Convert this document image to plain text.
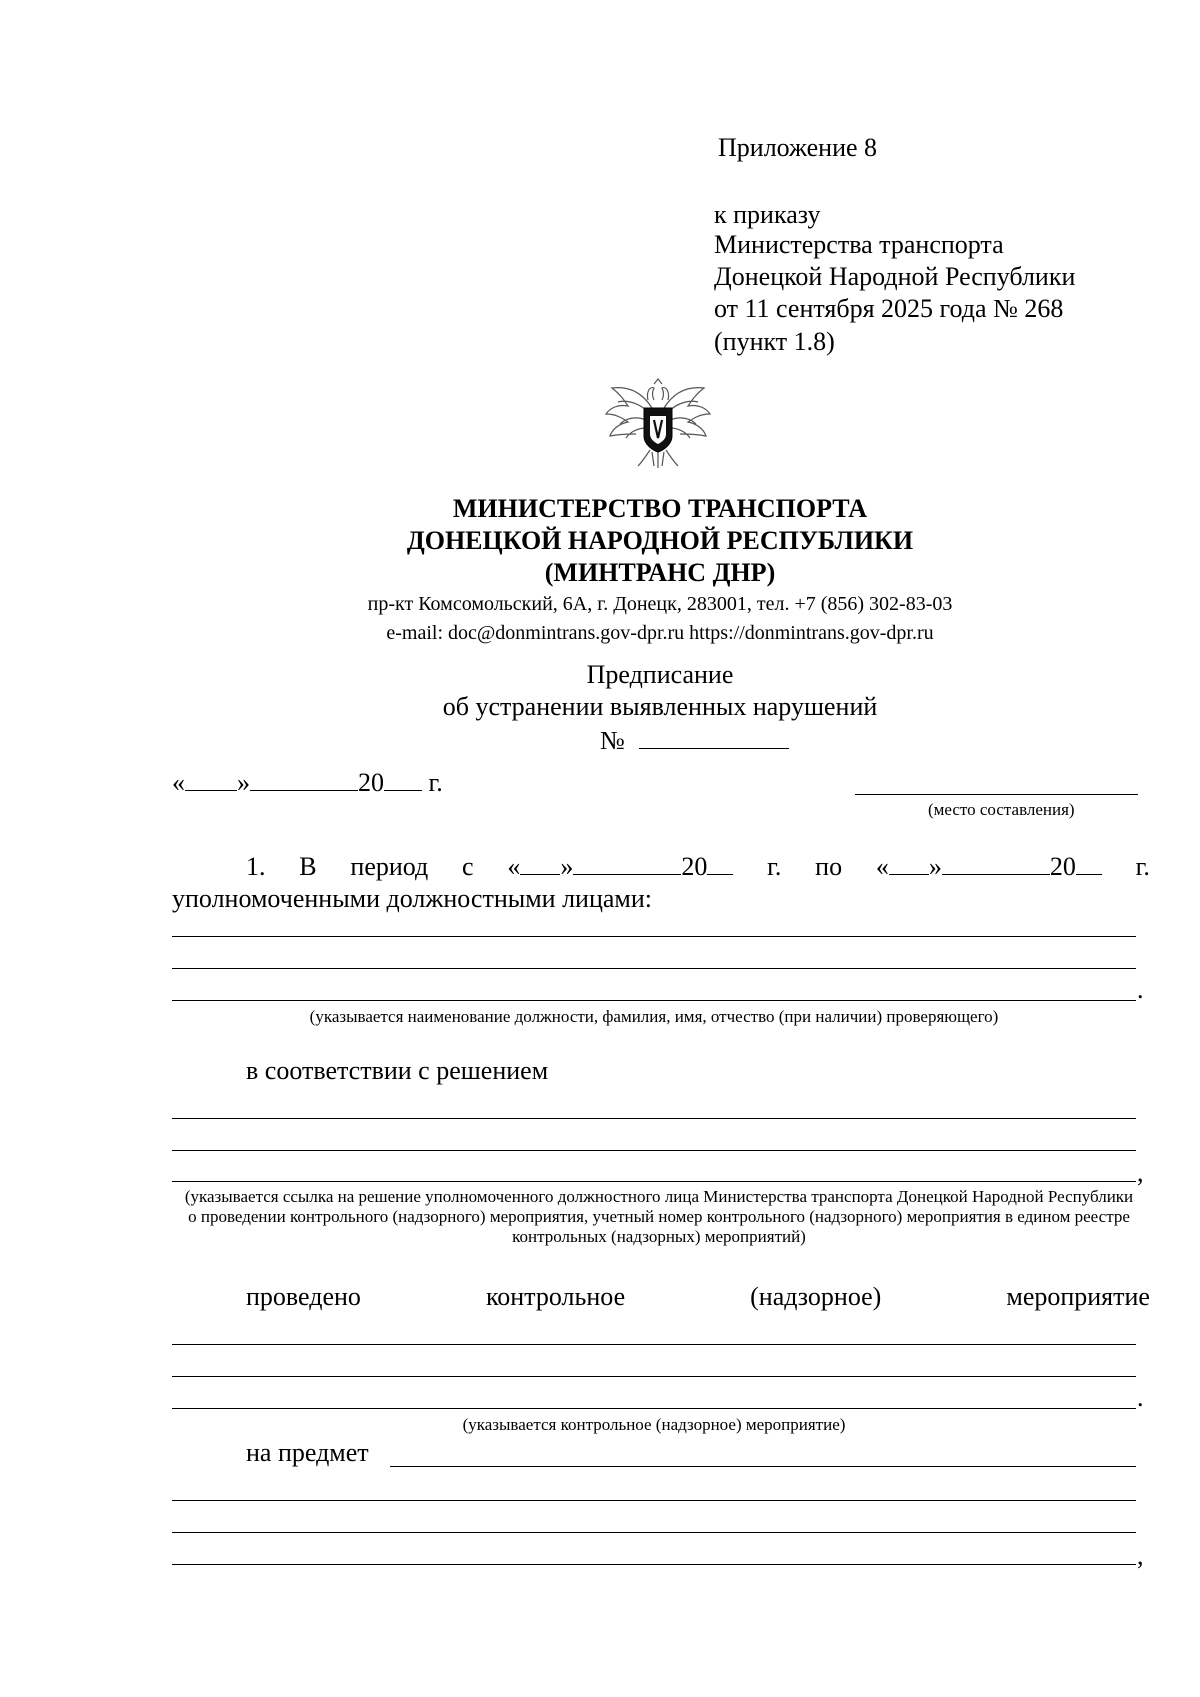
Приложение 8
к приказу
Министерства транспорта
Донецкой Народной Республики
от 11 сентября 2025 года № 268
(пункт 1.8)
МИНИСТЕРСТВО ТРАНСПОРТА
ДОНЕЦКОЙ НАРОДНОЙ РЕСПУБЛИКИ
(МИНТРАНС ДНР)
пр-кт Комсомольский, 6А, г. Донецк, 283001, тел. +7 (856) 302-83-03
e-mail: doc@donmintrans.gov-dpr.ru https://donmintrans.gov-dpr.ru
Предписание
об устранении выявленных нарушений
№
« »	20 г.
(место составления)
1. В период с « »	20	г. по « »	20	г.
уполномоченными должностными лицами:
.
(указывается наименование должности, фамилия, имя, отчество (при наличии) проверяющего)
в соответствии с решением
,
(указывается ссылка на решение уполномоченного должностного лица Министерства транспорта Донецкой Народной Республики о проведении контрольного (надзорного) мероприятия, учетный номер контрольного (надзорного) мероприятия в едином реестре контрольных (надзорных) мероприятий)
проведено	контрольное	(надзорное)	мероприятие
.
(указывается контрольное (надзорное) мероприятие)
на предмет
,
